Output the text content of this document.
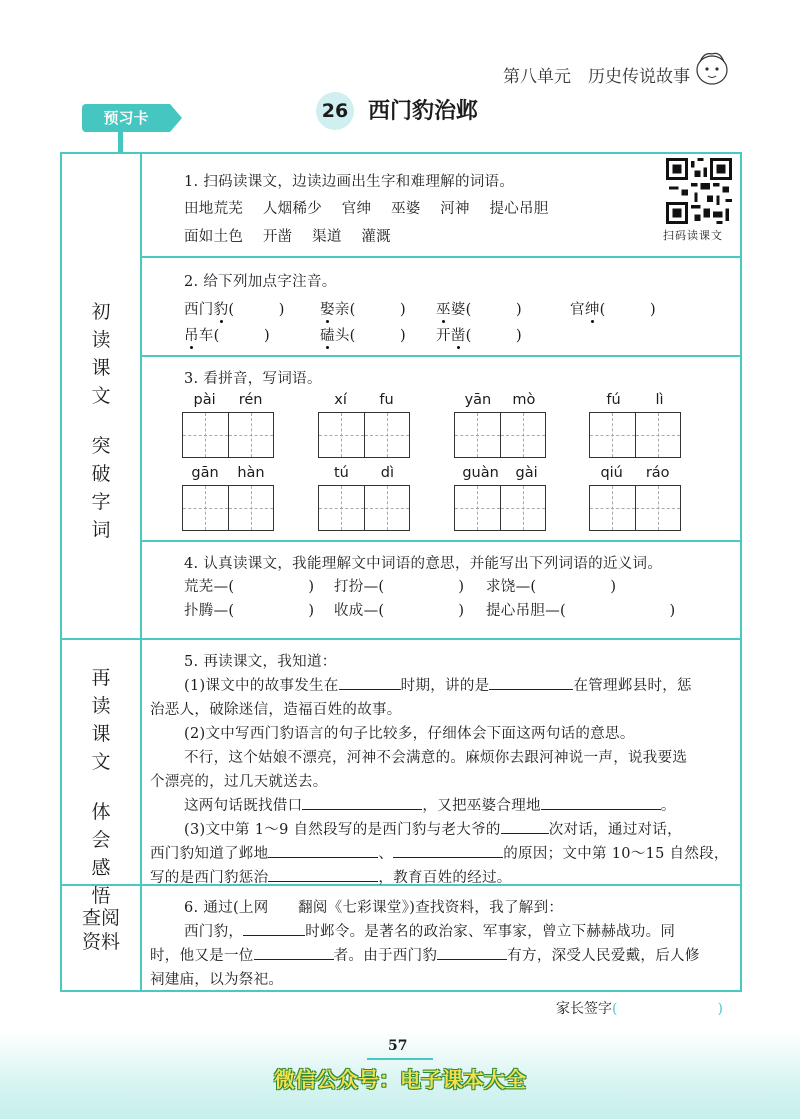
第八单元　历史传说故事
预习卡	26 西门豹治邺
初
读
课
文
突
破
字
词
再
读
课
文
体
会
感
悟
查阅
资料
1. 扫码读课文，边读边画出生字和难理解的词语。
田地荒芜 人烟稀少 官绅 巫婆 河神 提心吊胆
面如土色 开凿 渠道 灌溉	扫码读课文
2. 给下列加点字注音。
西门豹(　　　) 娶亲(　　　) 巫婆(　　　)	官绅(　　　)
吊车(　　　)	磕头(　　　) 开凿(　　　)
3. 看拼音，写词语。
pài rén	xí fu	yān mò	fú lì
gān hàn	tú dì	guàn gài	qiú ráo
4. 认真读课文，我能理解文中词语的意思，并能写出下列词语的近义词。
荒芜—(　　　　　) 打扮—(　　　　　) 求饶—(　　　　　)
扑腾—(　　　　　) 收成—(　　　　　) 提心吊胆—(　　　　　　　)
5. 再读课文，我知道：
(1)课文中的故事发生在	时期，讲的是	在管理邺县时，惩
治恶人，破除迷信，造福百姓的故事。
(2)文中写西门豹语言的句子比较多，仔细体会下面这两句话的意思。
不行，这个姑娘不漂亮，河神不会满意的。麻烦你去跟河神说一声，说我要选
个漂亮的，过几天就送去。
这两句话既找借口	，又把巫婆合理地	。
(3)文中第 1～9 自然段写的是西门豹与老大爷的	次对话，通过对话，
西门豹知道了邺地	、	的原因；文中第 10～15 自然段，
写的是西门豹惩治	，教育百姓的经过。
6. 通过(上网　　翻阅《七彩课堂》)查找资料，我了解到：
西门豹，	时邺令。是著名的政治家、军事家，曾立下赫赫战功。同
时，他又是一位	者。由于西门豹	有方，深受人民爱戴，后人修
祠建庙，以为祭祀。
家长签字(	)
57
微信公众号：电子课本大全
